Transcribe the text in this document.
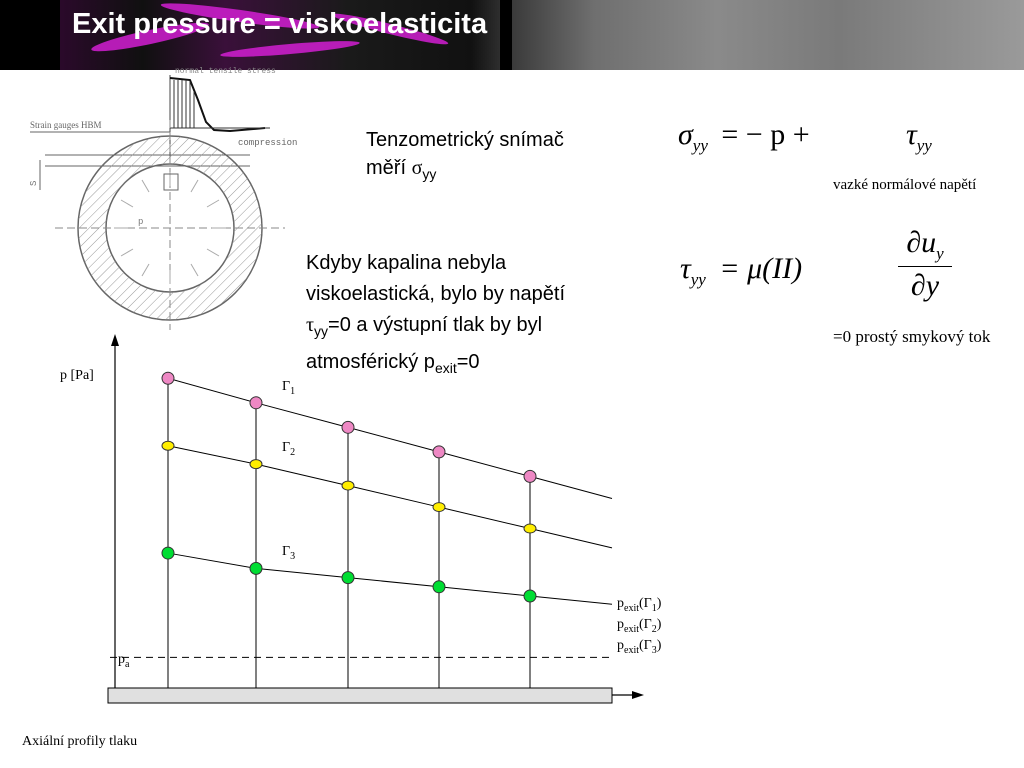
Exit pressure = viskoelasticita
Strain gauges HBM
compression
normal tensile stress
p
S
Tenzometrický snímač
měří $\sigma_{yy}$
Kdyby kapalina nebyla
viskoelastická, bylo by napětí
$\tau_{yy}=0$ a výstupní tlak by byl
atmosférický $p_{exit}=0$
$\sigma_{yy}$ = − p +	$\tau_{yy}$
vazké normálové napětí
$\tau_{yy} = \mu(II)$
$\partial u_y$
∂y
=0 prostý smykový tok
p [Pa]
$p_a$
Axiální profily tlaku
$\Gamma_1$
$p_{exit}(\Gamma_1)$
$\Gamma_2$
$p_{exit}(\Gamma_2)$
$\Gamma_3$
$p_{exit}(\Gamma_3)$
